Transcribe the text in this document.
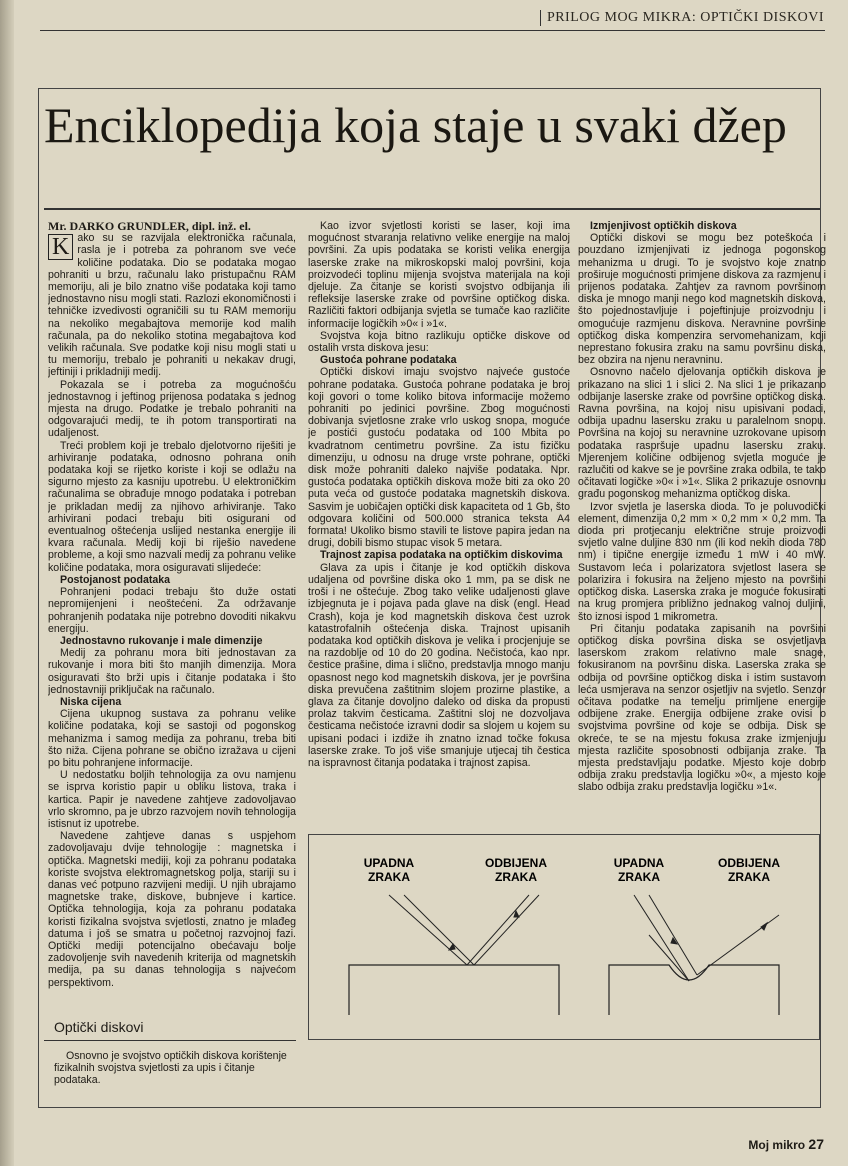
PRILOG MOG MIKRA: OPTIČKI DISKOVI
Enciklopedija koja staje u svaki džep

Mr. DARKO GRUNDLER, dipl. inž. el.

K ako su se razvijala elektronička računala, rasla je i potreba za pohranom sve veće količine podataka. Dio se podataka mogao pohraniti u brzu, računalu lako pristupačnu RAM memoriju, ali je bilo znatno više podataka koji tamo jednostavno nisu mogli stati. Razlozi ekonomičnosti i tehničke izvedivosti ograničili su tu RAM memoriju na nekoliko megabajtova memorije kod malih računala, pa do nekoliko stotina megabajtova kod velikih računala. Sve podatke koji nisu mogli stati u tu memoriju, trebalo je pohraniti u nekakav drugi, jeftiniji i prikladniji medij.

Pokazala se i potreba za mogućnošću jednostavnog i jeftinog prijenosa podataka s jednog mjesta na drugo. Podatke je trebalo pohraniti na odgovarajući medij, te ih potom transportirati na udaljenost.

Treći problem koji je trebalo djelotvorno riješiti je arhiviranje podataka, odnosno pohrana onih podataka koji se rijetko koriste i koji se odlažu na sigurno mjesto za kasniju upotrebu. U elektroničkim računalima se obrađuje mnogo podataka i potreban je prikladan medij za njihovo arhiviranje. Tako arhivirani podaci trebaju biti osigurani od eventualnog oštećenja uslijed nestanka energije ili kvara računala. Medij koji bi riješio navedene probleme, a koji smo nazvali medij za pohranu velike količine podataka, mora osiguravati slijedeće:

Postojanost podataka

Pohranjeni podaci trebaju što duže ostati nepromijenjeni i neoštećeni. Za održavanje pohranjenih podataka nije potrebno dovoditi nikakvu energiju.

Jednostavno rukovanje i male dimenzije

Medij za pohranu mora biti jednostavan za rukovanje i mora biti što manjih dimenzija. Mora osiguravati što brži upis i čitanje podataka i što jednostavniji priključak na računalo.

Niska cijena

Cijena ukupnog sustava za pohranu velike količine podataka, koji se sastoji od pogonskog mehanizma i samog medija za pohranu, treba biti što niža. Cijena pohrane se obično izražava u cijeni po bitu pohranjene informacije.

U nedostatku boljih tehnologija za ovu namjenu se isprva koristio papir u obliku listova, traka i kartica. Papir je navedene zahtjeve zadovoljavao vrlo skromno, pa je ubrzo razvojem novih tehnologija istisnut iz upotrebe.

Navedene zahtjeve danas s uspjehom zadovoljavaju dvije tehnologije : magnetska i optička. Magnetski mediji, koji za pohranu podataka koriste svojstva elektromagnetskog polja, stariji su i danas već potpuno razvijeni mediji. U njih ubrajamo magnetske trake, diskove, bubnjeve i kartice. Optička tehnologija, koja za pohranu podataka koristi fizikalna svojstva svjetlosti, znatno je mlađeg datuma i još se smatra u početnoj razvojnoj fazi. Optički mediji potencijalno obećavaju bolje zadovoljenje svih navedenih kriterija od magnetskih medija, pa su danas tehnologija s najvećom perspektivom.

Optički diskovi

Osnovno je svojstvo optičkih diskova korištenje fizikalnih svojstva svjetlosti za upis i čitanje podataka.

Kao izvor svjetlosti koristi se laser, koji ima mogućnost stvaranja relativno velike energije na maloj površini. Za upis podataka se koristi velika energija laserske zrake na mikroskopski maloj površini, koja proizvodeći toplinu mijenja svojstva materijala na koji djeluje. Za čitanje se koristi svojstvo odbijanja ili refleksije laserske zrake od površine optičkog diska. Različiti faktori odbijanja svjetla se tumače kao različite informacije logičkih »0« i »1«.

Svojstva koja bitno razlikuju optičke diskove od ostalih vrsta diskova jesu:

Gustoća pohrane podataka

Optički diskovi imaju svojstvo najveće gustoće pohrane podataka. Gustoća pohrane podataka je broj koji govori o tome koliko bitova informacije možemo pohraniti po jedinici površine. Zbog mogućnosti dobivanja svjetlosne zrake vrlo uskog snopa, moguće je postići gustoću podataka od 100 Mbita po kvadratnom centimetru površine. Za istu fizičku dimenziju, u odnosu na druge vrste pohrane, optički disk može pohraniti daleko najviše podataka. Npr. gustoća podataka optičkih diskova može biti za oko 20 puta veća od gustoće podataka magnetskih diskova. Sasvim je uobičajen optički disk kapaciteta od 1 Gb, što odgovara količini od 500.000 stranica teksta A4 formata! Ukoliko bismo stavili te listove papira jedan na drugi, dobili bismo stupac visok 5 metara.

Trajnost zapisa podataka na optičkim diskovima

Glava za upis i čitanje je kod optičkih diskova udaljena od površine diska oko 1 mm, pa se disk ne troši i ne oštećuje. Zbog tako velike udaljenosti glave izbjegnuta je i pojava pada glave na disk (engl. Head Crash), koja je kod magnetskih diskova čest uzrok katastrofalnih oštećenja diska. Trajnost upisanih podataka kod optičkih diskova je velika i procjenjuje se na razdoblje od 10 do 20 godina. Nečistoća, kao npr. čestice prašine, dima i slično, predstavlja mnogo manju opasnost nego kod magnetskih diskova, jer je površina diska prevučena zaštitnim slojem prozirne plastike, a glava za čitanje dovoljno daleko od diska da propusti prolaz takvim česticama. Zaštitni sloj ne dozvoljava česticama nečistoće izravni dodir sa slojem u kojem su upisani podaci i izdiže ih znatno iznad točke fokusa laserske zrake. To još više smanjuje utjecaj tih čestica na ispravnost čitanja podataka i trajnost zapisa.

Izmjenjivost optičkih diskova

Optički diskovi se mogu bez poteškoća i pouzdano izmjenjivati iz jednoga pogonskog mehanizma u drugi. To je svojstvo koje znatno proširuje mogućnosti primjene diskova za razmjenu i prijenos podataka. Zahtjev za ravnom površinom diska je mnogo manji nego kod magnetskih diskova, što pojednostavljuje i pojeftinjuje proizvodnju i omogućuje razmjenu diskova. Neravnine površine optičkog diska kompenzira servomehanizam, koji neprestano fokusira zraku na samu površinu diska, bez obzira na njenu neravninu.

Osnovno načelo djelovanja optičkih diskova je prikazano na slici 1 i slici 2. Na slici 1 je prikazano odbijanje laserske zrake od površine optičkog diska. Ravna površina, na kojoj nisu upisivani podaci, odbija upadnu lasersku zraku u paralelnom snopu. Površina na kojoj su neravnine uzrokovane upisom podataka raspršuje upadnu lasersku zraku. Mjerenjem količine odbijenog svjetla moguće je razlučiti od kakve se je površine zraka odbila, te tako očitavati logičke »0« i »1«. Slika 2 prikazuje osnovnu građu pogonskog mehanizma optičkog diska.

Izvor svjetla je laserska dioda. To je poluvodički element, dimenzija 0,2 mm × 0,2 mm × 0,2 mm. Ta dioda pri protjecanju električne struje proizvodi svjetlo valne duljine 830 nm (ili kod nekih dioda 780 nm) i tipične energije između 1 mW i 40 mW. Sustavom leća i polarizatora svjetlost lasera se polarizira i fokusira na željeno mjesto na površini optičkog diska. Laserska zraka je moguće fokusirati na krug promjera približno jednakog valnoj duljini, što iznosi ispod 1 mikrometra.

Pri čitanju podataka zapisanih na površini optičkog diska površina diska se osvjetljava laserskom zrakom relativno male snage, fokusiranom na površinu diska. Laserska zraka se odbija od površine optičkog diska i istim sustavom leća usmjerava na senzor osjetljiv na svjetlo. Senzor očitava podatke na temelju primljene energije odbijene zrake. Energija odbijene zrake ovisi o svojstvima površine od koje se odbija. Disk se okreće, te se na mjestu fokusa zrake izmjenjuju mjesta različite sposobnosti odbijanja zrake. Ta mjesta predstavljaju podatke. Mjesto koje dobro odbija zraku predstavlja logičku »0«, a mjesto koje slabo odbija zraku predstavlja logičku »1«.

UPADNA
ZRAKA
ODBIJENA
ZRAKA
UPADNA
ZRAKA
ODBIJENA
ZRAKA
Moj mikro 27
